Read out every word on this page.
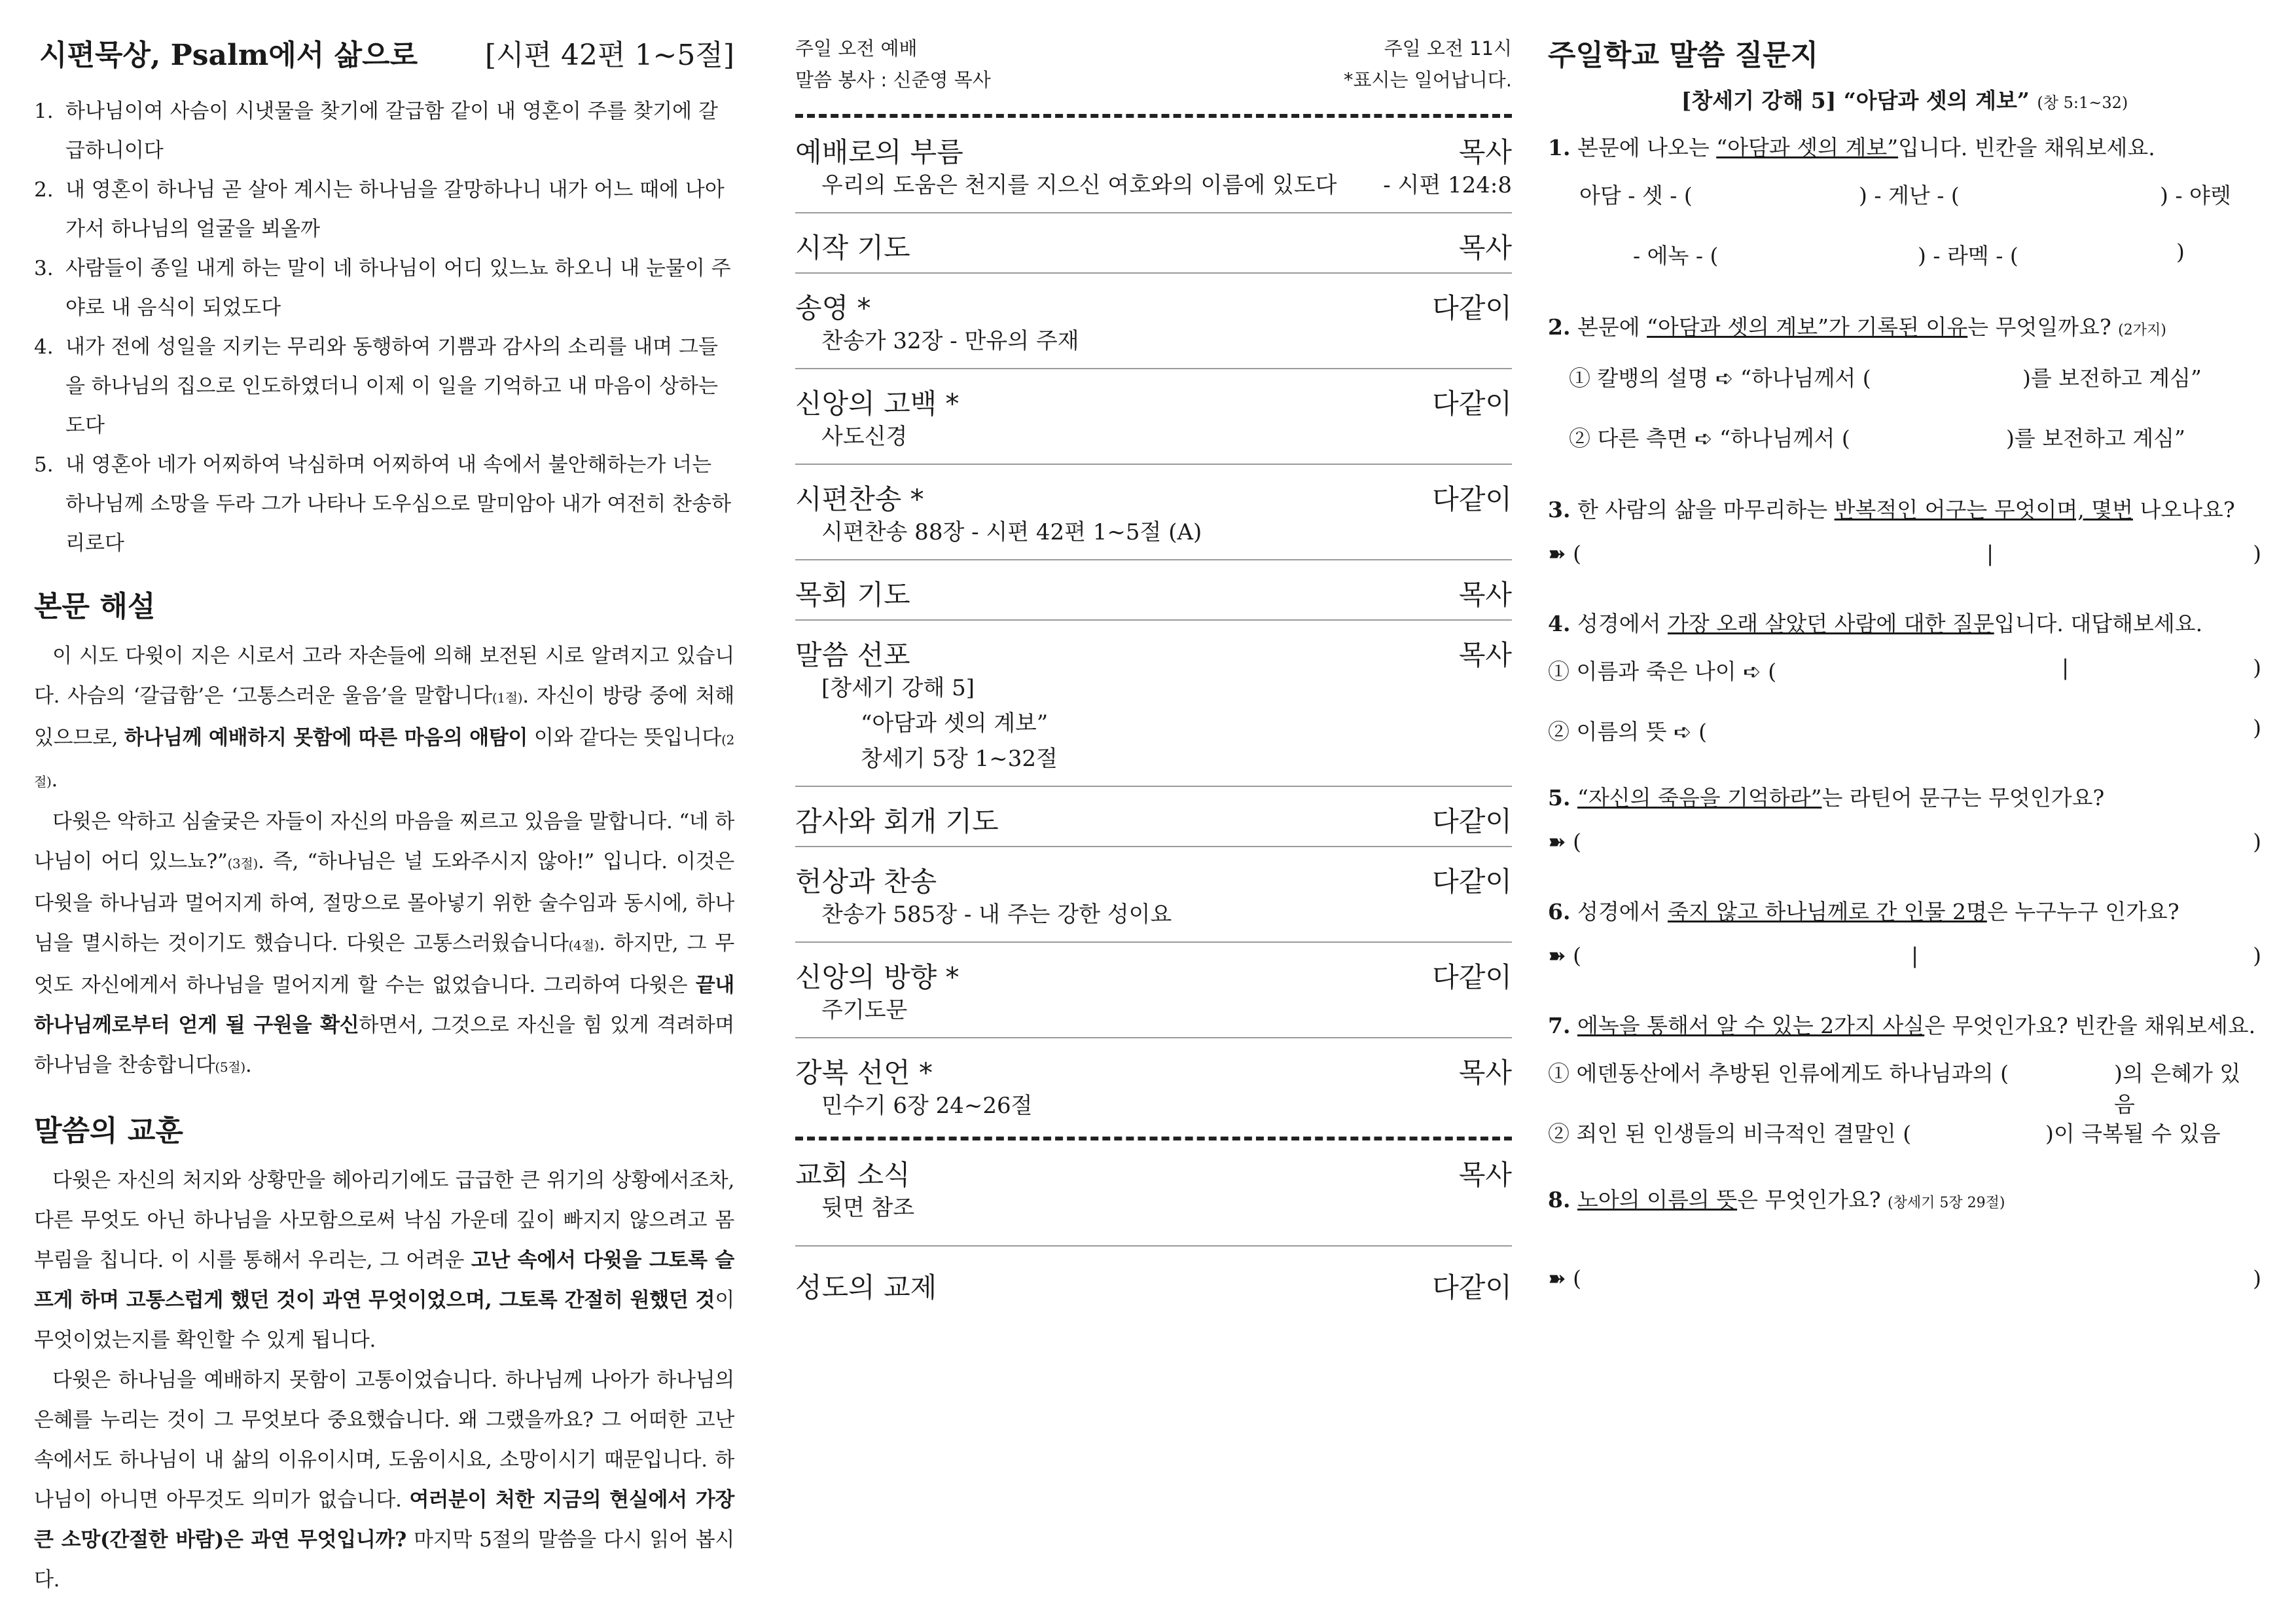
시편묵상, Psalm에서 삶으로 [시편 42편 1~5절]
1. 하나님이여 사슴이 시냇물을 찾기에 갈급함 같이 내 영혼이 주를 찾기에 갈급하니이다
2. 내 영혼이 하나님 곧 살아 계시는 하나님을 갈망하나니 내가 어느 때에 나아가서 하나님의 얼굴을 뵈올까
3. 사람들이 종일 내게 하는 말이 네 하나님이 어디 있느뇨 하오니 내 눈물이 주야로 내 음식이 되었도다
4. 내가 전에 성일을 지키는 무리와 동행하여 기쁨과 감사의 소리를 내며 그들을 하나님의 집으로 인도하였더니 이제 이 일을 기억하고 내 마음이 상하는도다
5. 내 영혼아 네가 어찌하여 낙심하며 어찌하여 내 속에서 불안해하는가 너는 하나님께 소망을 두라 그가 나타나 도우심으로 말미암아 내가 여전히 찬송하리로다
본문 해설

이 시도 다윗이 지은 시로서 고라 자손들에 의해 보전된 시로 알려지고 있습니다. 사슴의 ‘갈급함’은 ‘고통스러운 울음’을 말합니다(1절). 자신이 방랑 중에 처해 있으므로, 하나님께 예배하지 못함에 따른 마음의 애탐이 이와 같다는 뜻입니다(2절).

다윗은 악하고 심술궂은 자들이 자신의 마음을 찌르고 있음을 말합니다. “네 하나님이 어디 있느뇨?”(3절). 즉, “하나님은 널 도와주시지 않아!” 입니다. 이것은 다윗을 하나님과 멀어지게 하여, 절망으로 몰아넣기 위한 술수임과 동시에, 하나님을 멸시하는 것이기도 했습니다. 다윗은 고통스러웠습니다(4절). 하지만, 그 무엇도 자신에게서 하나님을 멀어지게 할 수는 없었습니다. 그리하여 다윗은 끝내 하나님께로부터 얻게 될 구원을 확신하면서, 그것으로 자신을 힘 있게 격려하며 하나님을 찬송합니다(5절).

말씀의 교훈

다윗은 자신의 처지와 상황만을 헤아리기에도 급급한 큰 위기의 상황에서조차, 다른 무엇도 아닌 하나님을 사모함으로써 낙심 가운데 깊이 빠지지 않으려고 몸부림을 칩니다. 이 시를 통해서 우리는, 그 어려운 고난 속에서 다윗을 그토록 슬프게 하며 고통스럽게 했던 것이 과연 무엇이었으며, 그토록 간절히 원했던 것이 무엇이었는지를 확인할 수 있게 됩니다.

다윗은 하나님을 예배하지 못함이 고통이었습니다. 하나님께 나아가 하나님의 은혜를 누리는 것이 그 무엇보다 중요했습니다. 왜 그랬을까요? 그 어떠한 고난 속에서도 하나님이 내 삶의 이유이시며, 도움이시요, 소망이시기 때문입니다. 하나님이 아니면 아무것도 의미가 없습니다. 여러분이 처한 지금의 현실에서 가장 큰 소망(간절한 바람)은 과연 무엇입니까? 마지막 5절의 말씀을 다시 읽어 봅시다.

주일 오전 예배	주일 오전 11시
말씀 봉사 : 신준영 목사	*표시는 일어납니다.
예배로의 부름	목사
우리의 도움은 천지를 지으신 여호와의 이름에 있도다 - 시편 124:8
시작 기도	목사
송영 *	다같이
찬송가 32장 - 만유의 주재
신앙의 고백 *	다같이
사도신경
시편찬송 *	다같이
시편찬송 88장 - 시편 42편 1~5절 (A)
목회 기도	목사
말씀 선포	목사
[창세기 강해 5]
“아담과 셋의 계보”
창세기 5장 1~32절
감사와 회개 기도	다같이
헌상과 찬송	다같이
찬송가 585장 - 내 주는 강한 성이요
신앙의 방향 *	다같이
주기도문
강복 선언 *	목사
민수기 6장 24~26절
교회 소식	목사
뒷면 참조
성도의 교제	다같이
주일학교 말씀 질문지
[창세기 강해 5] “아담과 셋의 계보” (창 5:1~32)
1. 본문에 나오는 “아담과 셋의 계보”입니다. 빈칸을 채워보세요.
아담 - 셋 - (	) - 게난 - (	) - 야렛
- 에녹 - (	) - 라멕 - (	)
2. 본문에 “아담과 셋의 계보”가 기록된 이유는 무엇일까요? (2가지)
① 칼뱅의 설명 ➪ “하나님께서 (	)를 보전하고 계심”
② 다른 측면 ➪ “하나님께서 (	)를 보전하고 계심”
3. 한 사람의 삶을 마무리하는 반복적인 어구는 무엇이며, 몇번 나오나요?
➽ (	|	)
4. 성경에서 가장 오래 살았던 사람에 대한 질문입니다. 대답해보세요.
① 이름과 죽은 나이 ➪ (	|	)
② 이름의 뜻 ➪ (	)
5. “자신의 죽음을 기억하라”는 라틴어 문구는 무엇인가요?
➽ (	)
6. 성경에서 죽지 않고 하나님께로 간 인물 2명은 누구누구 인가요?
➽ (	|	)
7. 에녹을 통해서 알 수 있는 2가지 사실은 무엇인가요? 빈칸을 채워보세요.
① 에덴동산에서 추방된 인류에게도 하나님과의 (	)의 은혜가 있음
② 죄인 된 인생들의 비극적인 결말인 (	)이 극복될 수 있음
8. 노아의 이름의 뜻은 무엇인가요? (창세기 5장 29절)
➽ (	)
